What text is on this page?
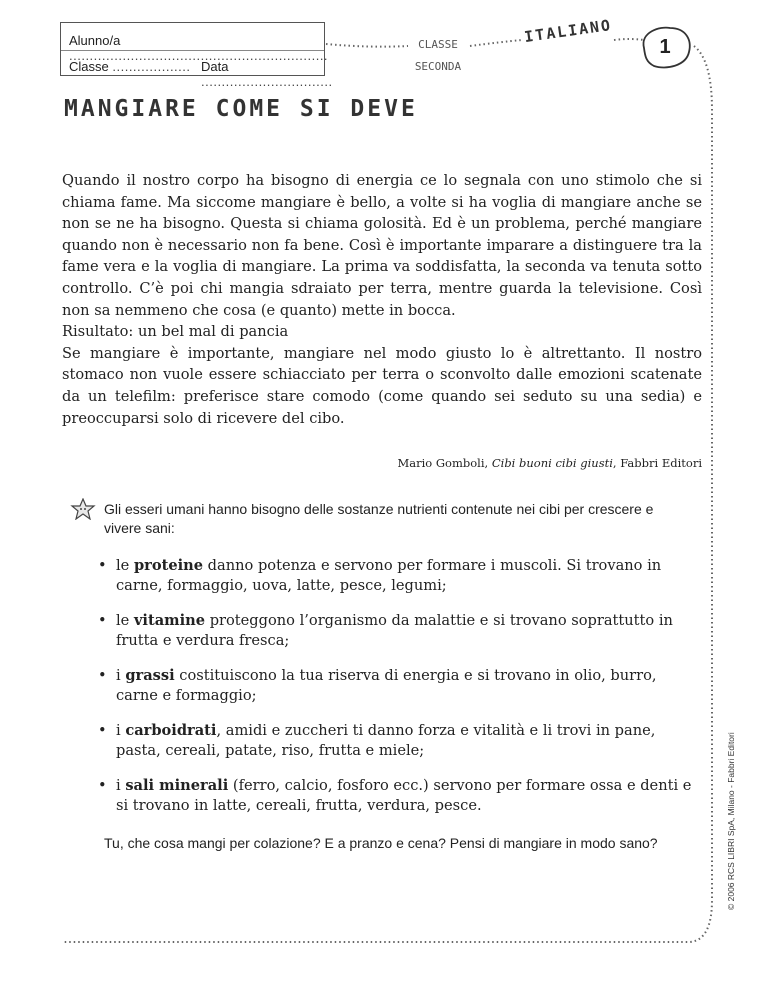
Alunno/a ...............................................................
Classe ................... Data ................................
CLASSE
SECONDA
ITALIANO
1
MANGIARE COME SI DEVE

Quando il nostro corpo ha bisogno di energia ce lo segnala con uno stimolo che si chiama fame. Ma siccome mangiare è bello, a volte si ha voglia di mangiare anche se non se ne ha bisogno. Questa si chiama golosità. Ed è un problema, perché mangiare quando non è necessario non fa bene. Così è importante imparare a distinguere tra la fame vera e la voglia di mangiare. La prima va soddisfatta, la seconda va tenuta sotto controllo. C’è poi chi mangia sdraiato per terra, mentre guarda la televisione. Così non sa nemmeno che cosa (e quanto) mette in bocca.

Risultato: un bel mal di pancia

Se mangiare è importante, mangiare nel modo giusto lo è altrettanto. Il nostro stomaco non vuole essere schiacciato per terra o sconvolto dalle emozioni scatenate da un telefilm: preferisce stare comodo (come quando sei seduto su una sedia) e preoccuparsi solo di ricevere del cibo.

Mario Gomboli, Cibi buoni cibi giusti, Fabbri Editori
Gli esseri umani hanno bisogno delle sostanze nutrienti contenute nei cibi per crescere e vivere sani:
• le proteine danno potenza e servono per formare i muscoli. Si trovano in carne, formaggio, uova, latte, pesce, legumi;
• le vitamine proteggono l’organismo da malattie e si trovano soprattutto in frutta e verdura fresca;
• i grassi costituiscono la tua riserva di energia e si trovano in olio, burro, carne e formaggio;
• i carboidrati, amidi e zuccheri ti danno forza e vitalità e li trovi in pane, pasta, cereali, patate, riso, frutta e miele;
• i sali minerali (ferro, calcio, fosforo ecc.) servono per formare ossa e denti e si trovano in latte, cereali, frutta, verdura, pesce.
Tu, che cosa mangi per colazione? E a pranzo e cena? Pensi di mangiare in modo sano?	© 2006 RCS LIBRI SpA, Milano - Fabbri Editori
